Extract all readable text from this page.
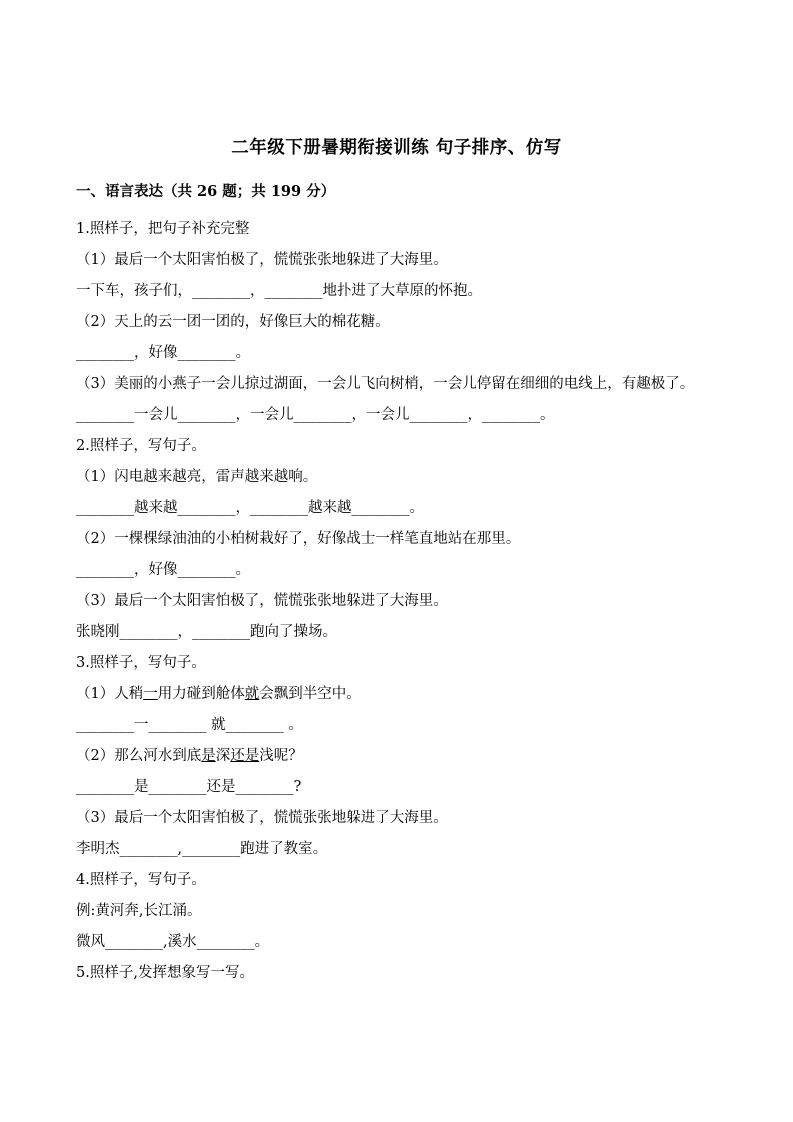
二年级下册暑期衔接训练 句子排序、仿写
一、语言表达（共 26 题；共 199 分）
1.照样子，把句子补充完整
（1）最后一个太阳害怕极了，慌慌张张地躲进了大海里。
一下车，孩子们，________，________地扑进了大草原的怀抱。
（2）天上的云一团一团的，好像巨大的棉花糖。
________，好像________。
（3）美丽的小燕子一会儿掠过湖面，一会儿飞向树梢，一会儿停留在细细的电线上，有趣极了。
________一会儿________，一会儿________，一会儿________，________。
2.照样子，写句子。
（1）闪电越来越亮，雷声越来越响。
________越来越________，________越来越________。
（2）一棵棵绿油油的小柏树栽好了，好像战士一样笔直地站在那里。
________，好像________。
（3）最后一个太阳害怕极了，慌慌张张地躲进了大海里。
张晓刚________，________跑向了操场。
3.照样子，写句子。
（1）人稍一用力碰到舱体就会飘到半空中。
________一________ 就________ 。
（2）那么河水到底是深还是浅呢？
________是________还是________?
（3）最后一个太阳害怕极了，慌慌张张地躲进了大海里。
李明杰________,________跑进了教室。
4.照样子，写句子。
例:黄河奔,长江涌。
微风________,溪水________。
5.照样子,发挥想象写一写。
